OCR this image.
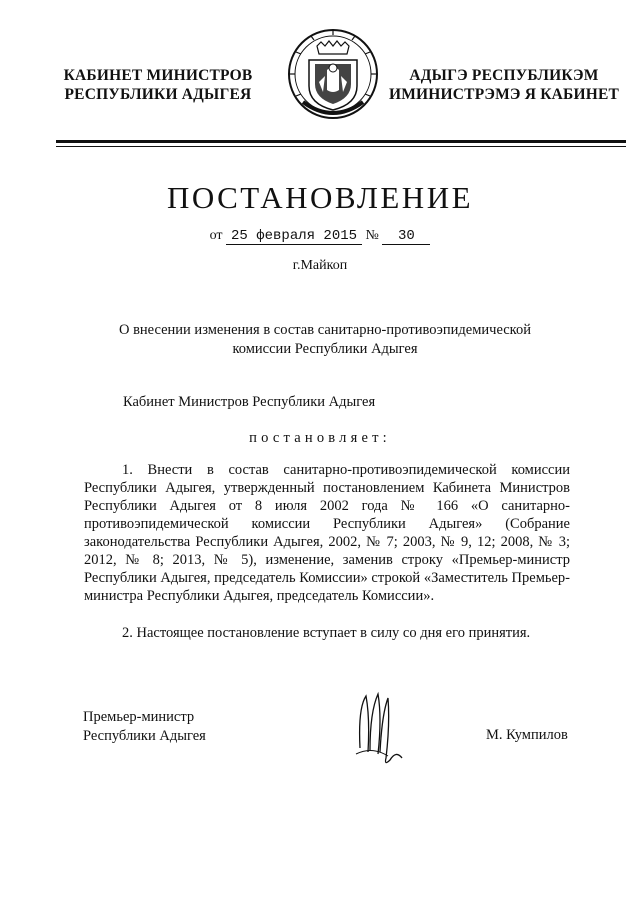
КАБИНЕТ МИНИСТРОВ
РЕСПУБЛИКИ АДЫГЕЯ
АДЫГЭ РЕСПУБЛИКЭМ
ИМИНИСТРЭМЭ Я КАБИНЕТ
ПОСТАНОВЛЕНИЕ
от 25 февраля 2015 № 30
г.Майкоп
О внесении изменения в состав санитарно-противоэпидемической
комиссии Республики Адыгея
Кабинет Министров Республики Адыгея
постановляет:
1. Внести в состав санитарно-противоэпидемической комиссии Республики Адыгея, утвержденный постановлением Кабинета Министров Республики Адыгея от 8 июля 2002 года № 166 «О санитарно-противоэпидемической комиссии Республики Адыгея» (Собрание законодательства Республики Адыгея, 2002, № 7; 2003, № 9, 12; 2008, № 3; 2012, № 8; 2013, № 5), изменение, заменив строку «Премьер-министр Республики Адыгея, председатель Комиссии» строкой «Заместитель Премьер-министра Республики Адыгея, председатель Комиссии».
2. Настоящее постановление вступает в силу со дня его принятия.
Премьер-министр
Республики Адыгея	М. Кумпилов
